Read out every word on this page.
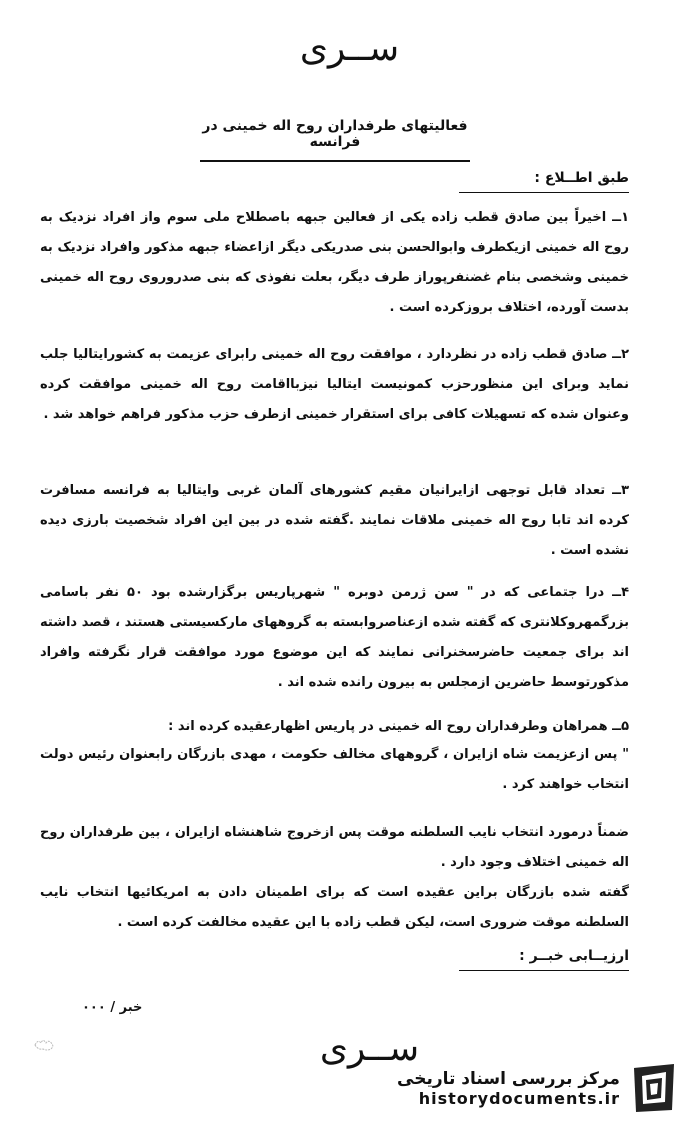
ســرى
فعالیتهای طرفداران روح اله خمینی در فرانسه
طبق اطــلاع :
۱ــ اخیراً بین صادق قطب زاده یکی از فعالین جبهه باصطلاح ملی سوم واز افراد نزدیک به روح اله خمینی ازیکطرف وابوالحسن بنی صدریکی دیگر ازاعضاء جبهه مذکور وافراد نزدیک به خمینی وشخصی بنام غضنفرپوراز طرف دیگر، بعلت نفوذی که بنی صدروروی روح اله خمینی بدست آورده، اختلاف بروزکرده است .
۲ــ صادق قطب زاده در نظردارد ، موافقت روح اله خمینی رابرای عزیمت به کشورایتالیا جلب نماید وبرای این منظورحزب کمونیست ایتالیا نیزبااقامت روح اله خمینی موافقت کرده وعنوان شده که تسهیلات کافی برای استقرار خمینی ازطرف حزب مذکور فراهم خواهد شد .
۳ــ تعداد قابل توجهی ازایرانیان مقیم کشورهای آلمان غربی وایتالیا به فرانسه مسافرت کرده اند تابا روح اله خمینی ملاقات نمایند .گفته شده در بین این افراد شخصیت بارزی دیده نشده است .
۴ــ درا جتماعی که در " سن ژرمن دوبره " شهرپاریس برگزارشده بود ۵۰ نفر باسامی بزرگمهروکلانتری که گفته شده ازعناصروابسته به گروههای مارکسیستی هستند ، قصد داشته اند برای جمعیت حاضرسخنرانی نمایند که این موضوع مورد موافقت قرار نگرفته وافراد مذکورتوسط حاضرین ازمجلس به بیرون رانده شده اند .
۵ــ همراهان وطرفداران روح اله خمینی در پاریس اظهارعقیده کرده اند :
" پس ازعزیمت شاه ازایران ، گروههای مخالف حکومت ، مهدی بازرگان رابعنوان رئیس دولت انتخاب خواهند کرد .
ضمناً درمورد انتخاب نایب السلطنه موقت پس ازخروج شاهنشاه ازایران ، بین طرفداران روح اله خمینی اختلاف وجود دارد .
گفته شده بازرگان براین عقیده است که برای اطمینان دادن به امریکائیها انتخاب نایب السلطنه موقت ضروری است، لیکن قطب زاده با این عقیده مخالفت کرده است .
ارزیــابی خبــر :
خبر / ۰۰۰
ســرى
مرکز بررسی اسناد تاریخی
historydocuments.ir
